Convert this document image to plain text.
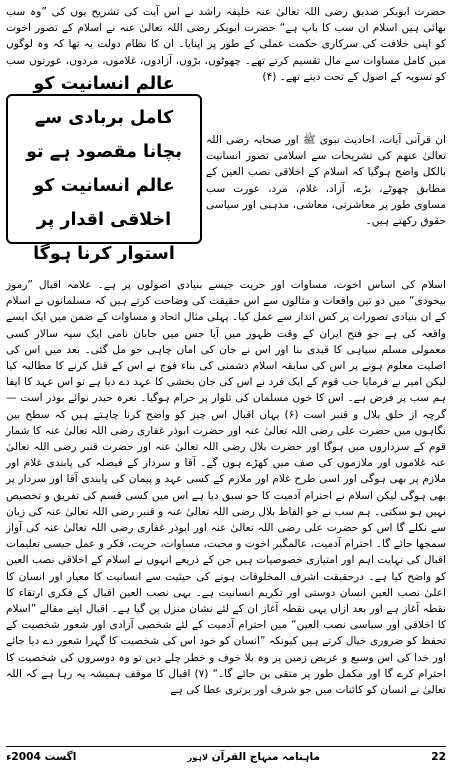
حضرت ابوبکر صدیق رضی اللہ تعالیٰ عنہ خلیفہ راشد نے اس آیت کی تشریح یوں کی ”وہ سب بھائی ہیں اسلام ان سب کا باپ ہے“ حضرت ابوبکر رضی اللہ تعالیٰ عنہ نے اسلام کے تصور اخوت کو اپنی خلافت کی سرکاری حکمت عملی کے طور پر اپنایا۔ ان کا نظام دولت یہ تھا کہ وہ لوگوں میں کامل مساوات سے مال تقسیم کرتے تھے۔ چھوٹوں، بڑوں، آزادوں، غلاموں، مردوں، عورتوں سب کو تسویہ کے اصول کے تحت دیتے تھے۔ (۴)

عالم انسانیت کو کامل بربادی سے بچانا مقصود ہے تو عالم انسانیت کو اخلاقی اقدار پر استوار کرنا ہوگا

ان قرآنی آیات، احادیث نبوی ﷺ اور صحابہ رضی اللہ تعالیٰ عنھم کی تشریحات سے اسلامی تصور انسانیت بالکل واضح ہوگیا کہ اسلام کے اخلاقی نصب العین کے مطابق چھوٹے، بڑے، آزاد، غلام، مرد، عورت سب مساوی طور پر معاشرتی، معاشی، مذہبی اور سیاسی حقوق رکھتے ہیں۔

اسلام کی اساس اخوت، مساوات اور حریت جیسے بنیادی اصولوں پر ہے۔ علامہ اقبال ”رموز بیخودی“ میں دو تین واقعات و مثالوں سے اس حقیقت کی وضاحت کرتے ہیں کہ مسلمانوں نے اسلام کے ان بنیادی تصورات پر کس انداز سے عمل کیا۔ پہلی مثال اتحاد و مساوات کے ضمن میں ایک ایسے واقعہ کی ہے جو فتح ایران کے وقت ظہور میں آیا جس میں جابان نامی ایک سپہ سالار کسی معمولی مسلم سپاہی کا قیدی بنا اور اس نے جان کی امان چاہی جو مل گئی۔ بعد میں اس کی اصلیت معلوم ہونے پر اس کی سابقہ اسلام دشمنی کی بناء فوج نے اس کے قتل کرنے کا مطالبہ کیا لیکن امیر نے فرمایا جب قوم کے ایک فرد نے اس کی جان بخشی کا عہد دے دیا ہے تو اس عہد کا ایفا ہم سب پر فرض ہے۔ اس کا خون مسلمان کی تلوار پر حرام ہوگیا۔ نعرہ حیدر نوائے بوذر است — گرچہ از حلق بلال و قنبر است (۶) یہاں اقبال اس چیز کو واضح کرنا چاہتے ہیں کہ سطح بین نگاہوں میں حضرت علی رضی اللہ تعالیٰ عنہ اور حضرت ابوذر غفاری رضی اللہ تعالیٰ عنہ کا شمار قوم کے سرداروں میں ہوگا اور حضرت بلال رضی اللہ تعالیٰ عنہ اور حضرت قنبر رضی اللہ تعالیٰ عنہ غلاموں اور ملازموں کی صف میں کھڑے ہوں گے۔ آقا و سردار کے فیصلہ کی پابندی غلام اور ملازم پر بھی ہوگی اور اسی طرح غلام اور ملازم کے کسی عہد و پیمان کی پابندی آقا اور سردار پر بھی ہوگی لیکن اسلام نے احترام آدمیت کا جو سبق دیا ہے اس میں کسی قسم کی تفریق و تخصیص نہیں ہو سکتی۔ ہم سب نے جو الفاظ بلال رضی اللہ تعالیٰ عنہ و قنبر رضی اللہ تعالیٰ عنہ کی زبان سے نکلے گا اس کو حضرت علی رضی اللہ تعالیٰ عنہ اور ابوذر غفاری رضی اللہ تعالیٰ عنہ کی آواز سمجھا جائے گا۔ احترام آدمیت، عالمگیر اخوت و محبت، مساوات، حریت، فکر و عمل جیسی تعلیمات اقبال کی نہایت اہم اور امتیازی خصوصیات ہیں جن کے ذریعے انہوں نے اسلام کے اخلاقی نصب العین کو واضح کیا ہے۔ درحقیقت اشرف المخلوقات ہونے کی حیثیت سے انسانیت کا معیار اور انسان کا اعلیٰ نصب العین انسان دوستی اور تکریم انسانیت ہے۔ یہی نصب العین اقبال کے فکری ارتقاء کا نقطہ آغاز ہے اور بعد ازاں یہی نقطہ آغاز ان کے لئے نشان منزل بن گیا ہے۔ اقبال اپنے مقالے ”اسلام کا اخلاقی اور سیاسی نصب العین“ میں احترام آدمیت کے لئے شخصی آزادی اور شعور شخصیت کے تحفظ کو ضروری خیال کرتے ہیں کیونکہ ”انسان کو خود اس کی شخصیت کا گہرا شعور دے دیا جائے اور خدا کی اس وسیع و عریض زمین پر وہ بلا خوف و خطر چلے دیں تو وہ دوسروں کی شخصیت کا احترام کرے گا اور مکمل طور پر متقی بن جائے گا۔“ (۷) اقبال کا موقف ہمیشہ یہ رہا ہے کہ اللہ تعالیٰ نے انسان کو کائنات میں جو شرف اور برتری عطا کی ہے

اگست 2004ء	ماہنامہ منہاج القرآن لاہور	22
